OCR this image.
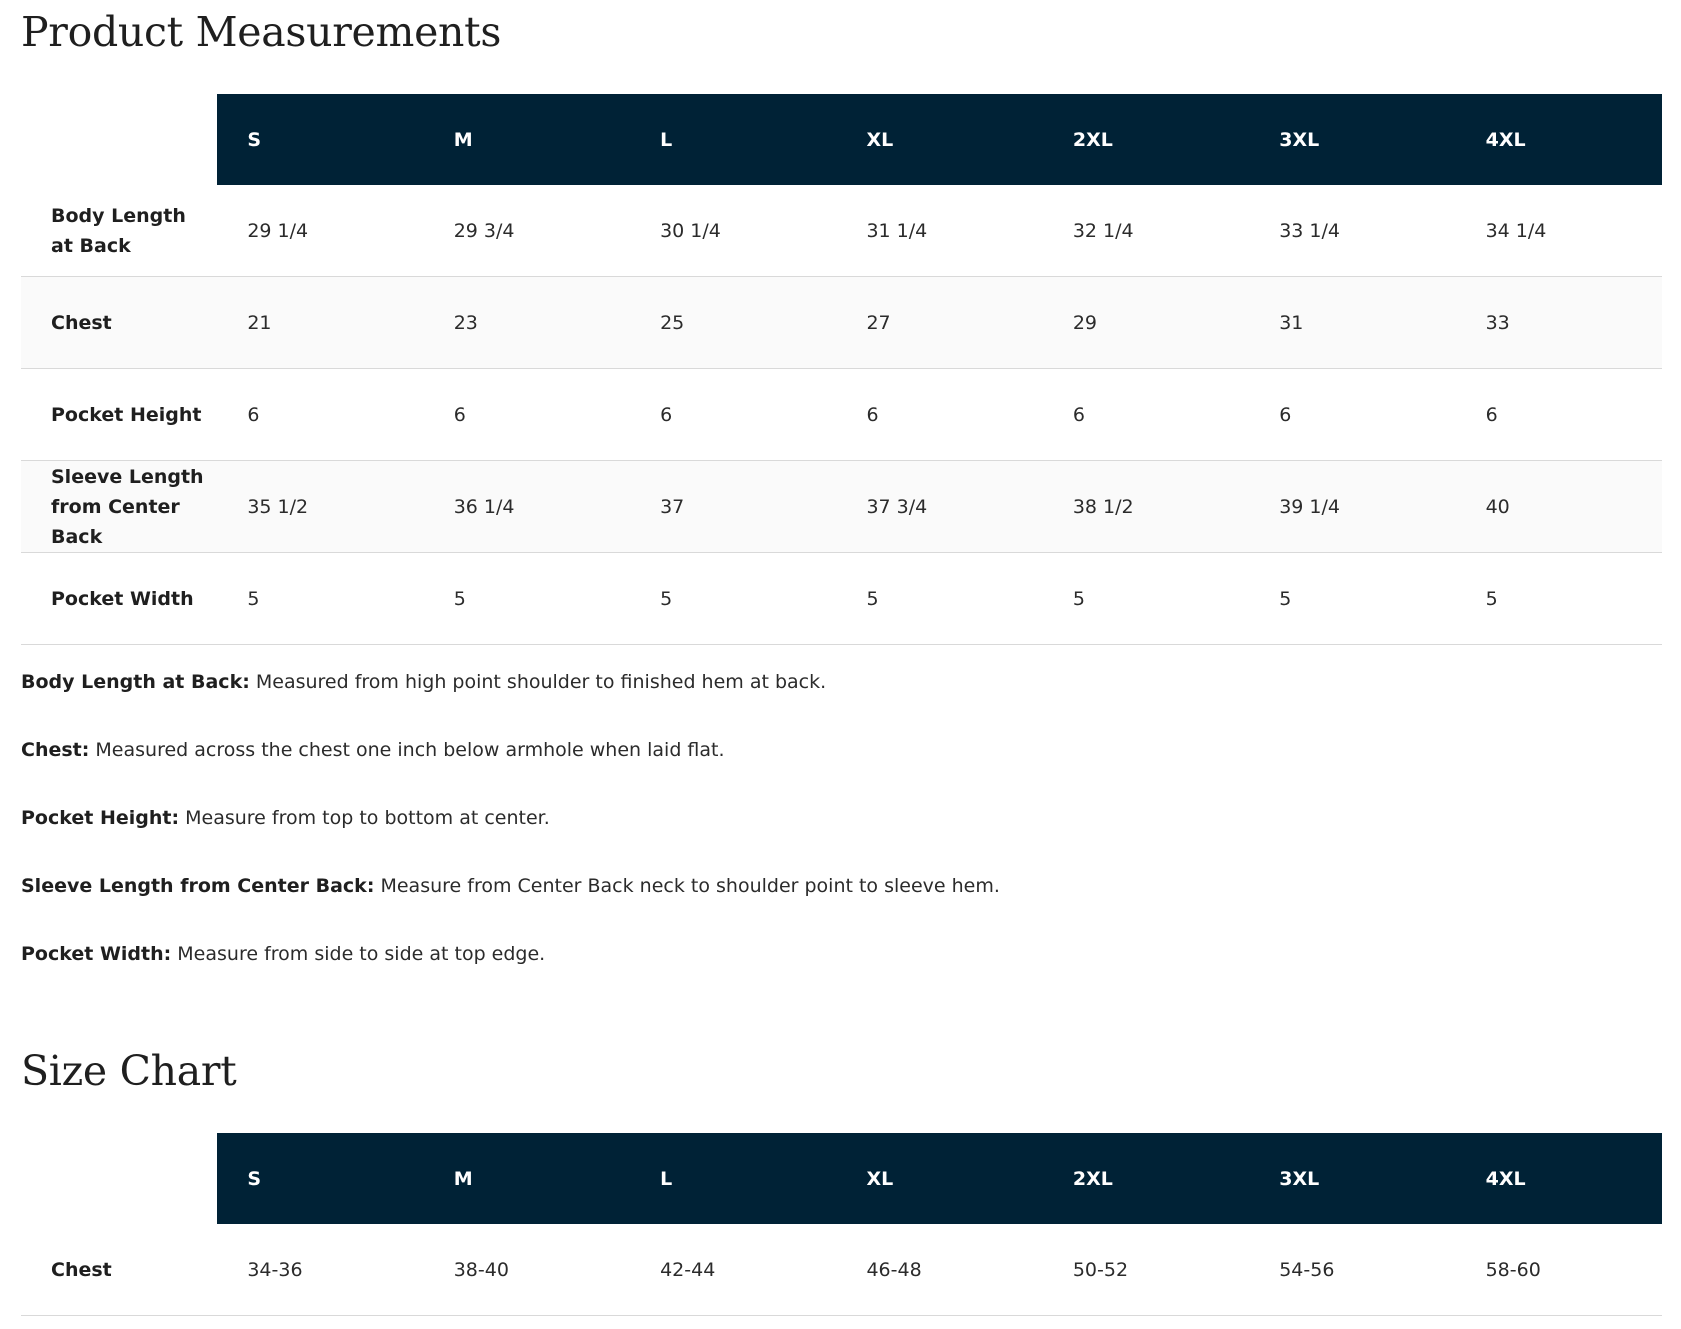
Product Measurements
	S	M	L	XL	2XL	3XL	4XL
Body Length at Back	29 1/4	29 3/4	30 1/4	31 1/4	32 1/4	33 1/4	34 1/4
Chest	21	23	25	27	29	31	33
Pocket Height	6	6	6	6	6	6	6
Sleeve Length from Center Back	35 1/2	36 1/4	37	37 3/4	38 1/2	39 1/4	40
Pocket Width	5	5	5	5	5	5	5

Body Length at Back: Measured from high point shoulder to finished hem at back.

Chest: Measured across the chest one inch below armhole when laid flat.

Pocket Height: Measure from top to bottom at center.

Sleeve Length from Center Back: Measure from Center Back neck to shoulder point to sleeve hem.

Pocket Width: Measure from side to side at top edge.

Size Chart
	S	M	L	XL	2XL	3XL	4XL
Chest	34-36	38-40	42-44	46-48	50-52	54-56	58-60
